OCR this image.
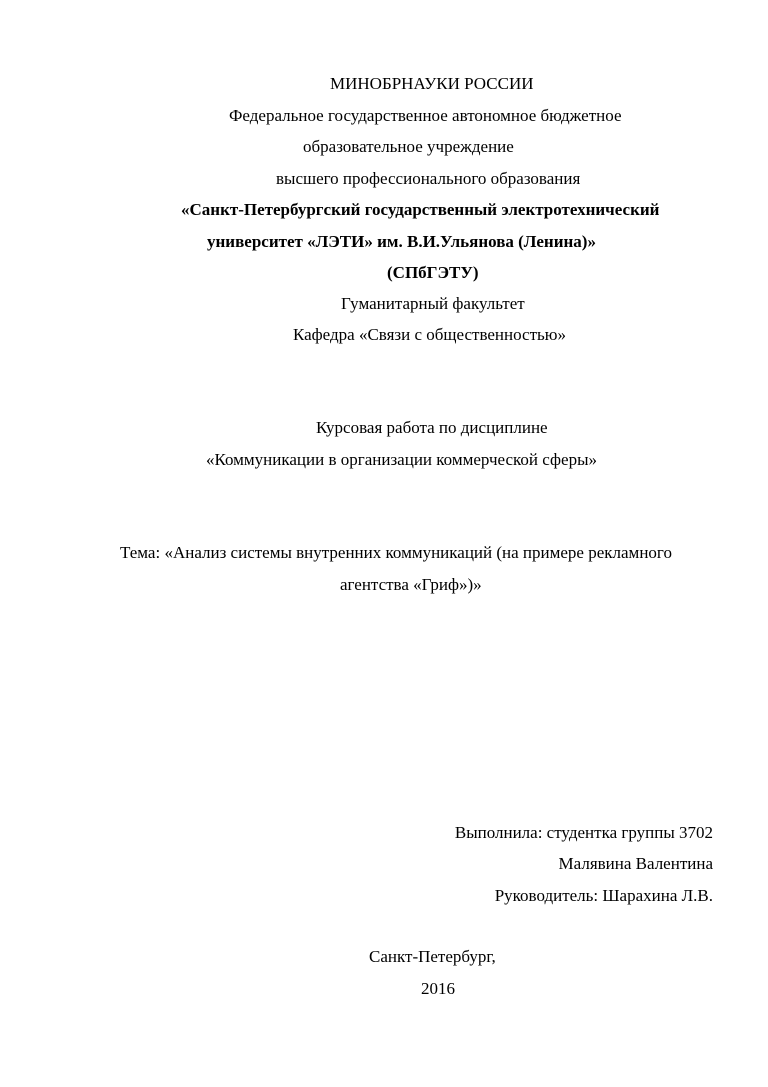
МИНОБРНАУКИ РОССИИ
Федеральное государственное автономное бюджетное
образовательное учреждение
высшего профессионального образования
«Санкт-Петербургский государственный электротехнический
университет «ЛЭТИ» им. В.И.Ульянова (Ленина)»
(СПбГЭТУ)
Гуманитарный факультет
Кафедра «Связи с общественностью»
Курсовая работа по дисциплине
«Коммуникации в организации коммерческой сферы»
Тема: «Анализ системы внутренних коммуникаций (на примере рекламного
агентства «Гриф»)»
Выполнила: студентка группы 3702
Малявина Валентина
Руководитель: Шарахина Л.В.
Санкт-Петербург,
2016
